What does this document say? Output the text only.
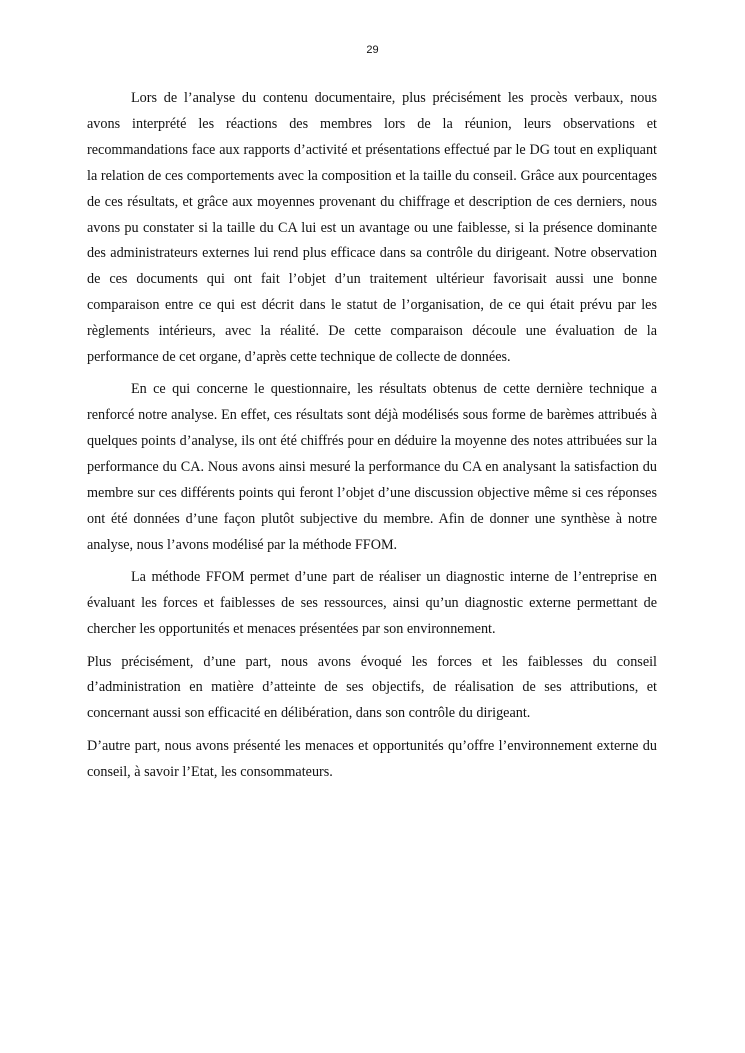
29

Lors de l’analyse du contenu documentaire, plus précisément les procès verbaux, nous avons interprété les réactions des membres lors de la réunion, leurs observations et recommandations face aux rapports d’activité et présentations effectué par le DG tout en expliquant la relation de ces comportements avec la composition et la taille du conseil. Grâce aux pourcentages de ces résultats, et grâce aux moyennes provenant du chiffrage et description de ces derniers, nous avons pu constater si la taille du CA lui est un avantage ou une faiblesse, si la présence dominante des administrateurs externes lui rend plus efficace dans sa contrôle du dirigeant. Notre observation de ces documents qui ont fait l’objet d’un traitement ultérieur favorisait aussi une bonne comparaison entre ce qui est décrit dans le statut de l’organisation, de ce qui était prévu par les règlements intérieurs, avec la réalité. De cette comparaison découle une évaluation de la performance de cet organe, d’après cette technique de collecte de données.

En ce qui concerne le questionnaire, les résultats obtenus de cette dernière technique a renforcé notre analyse. En effet, ces résultats sont déjà modélisés sous forme de barèmes attribués à quelques points d’analyse, ils ont été chiffrés pour en déduire la moyenne des notes attribuées sur la performance du CA. Nous avons ainsi mesuré la performance du CA en analysant la satisfaction du membre sur ces différents points qui feront l’objet d’une discussion objective même si ces réponses ont été données d’une façon plutôt subjective du membre. Afin de donner une synthèse à notre analyse, nous l’avons modélisé par la méthode FFOM.

La méthode FFOM permet d’une part de réaliser un diagnostic interne de l’entreprise en évaluant les forces et faiblesses de ses ressources, ainsi qu’un diagnostic externe permettant de chercher les opportunités et menaces présentées par son environnement.

Plus précisément, d’une part, nous avons évoqué les forces et les faiblesses du conseil d’administration en matière d’atteinte de ses objectifs, de réalisation de ses attributions, et concernant aussi son efficacité en délibération, dans son contrôle du dirigeant.

D’autre part, nous avons présenté les menaces et opportunités qu’offre l’environnement externe du conseil, à savoir l’Etat, les consommateurs.
